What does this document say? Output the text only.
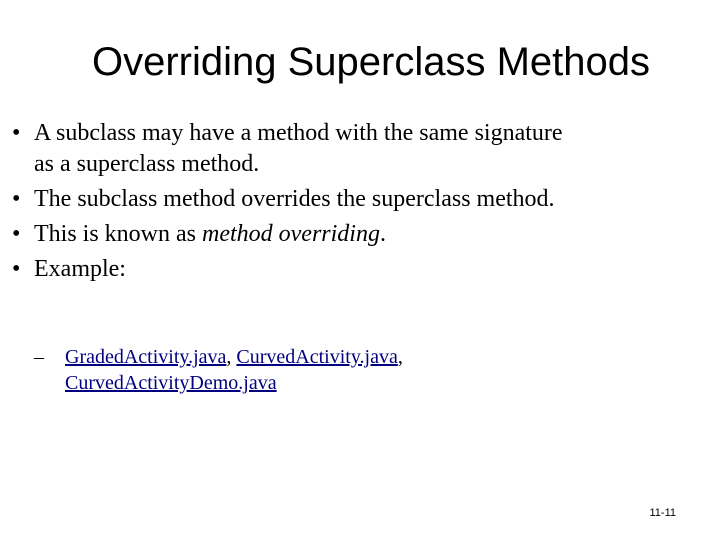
Overriding Superclass Methods
• A subclass may have a method with the same signature as a superclass method.
• The subclass method overrides the superclass method.
• This is known as method overriding.
• Example:
– GradedActivity.java, CurvedActivity.java, CurvedActivityDemo.java
11-11
